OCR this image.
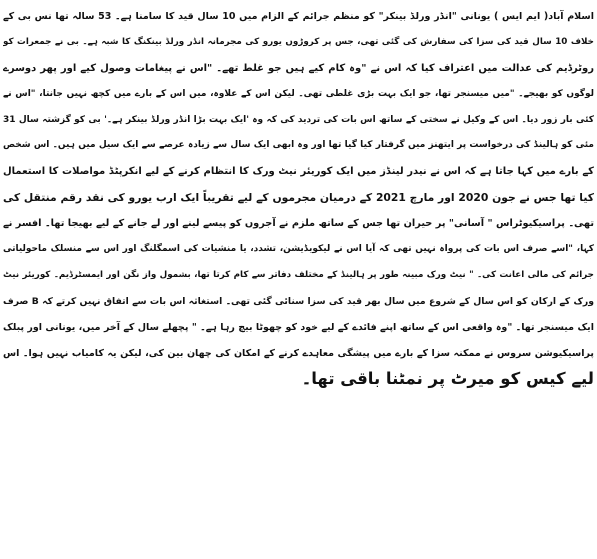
اسلام آباد( ایم ایس ) یونانی "انڈر ورلڈ بینکر" کو منظم جرائم کے الزام میں 10 سال قید کا سامنا ہے۔ 53 سالہ تھا نس بی کے
خلاف 10 سال قید کی سزا کی سفارش کی گئی تھی، جس پر کروڑوں یورو کی مجرمانہ انڈر ورلڈ بینکنگ کا شبہ ہے۔ بی نے جمعرات کو
روٹرڈیم کی عدالت میں اعتراف کیا کہ اس نے "وہ کام کیے ہیں جو غلط تھے۔ "اس نے پیغامات وصول کیے اور پھر دوسرے
لوگوں کو بھیجے۔ "میں میسنجر تھا، جو ایک بہت بڑی غلطی تھی۔ لیکن اس کے علاوہ، میں اس کے بارے میں کچھ نہیں جانتا، "اس نے
کئی بار زور دیا۔ اس کے وکیل نے سختی کے ساتھ اس بات کی تردید کی کہ وہ 'ایک بہت بڑا انڈر ورلڈ بینکر ہے۔' بی کو گزشتہ سال 31
مئی کو ہالینڈ کی درخواست پر ایتھنز میں گرفتار کیا گیا تھا اور وہ ابھی ایک سال سے زیادہ عرصے سے ایک سیل میں ہیں۔ اس شخص
کے بارے میں کہا جاتا ہے کہ اس نے نیدر لینڈز میں ایک کوریئر نیٹ ورک کا انتظام کرنے کے لیے انکرپٹڈ مواصلات کا استعمال
کیا تھا جس نے جون 2020 اور مارچ 2021 کے درمیان مجرموں کے لیے تقریباً ایک ارب یورو کی نقد رقم منتقل کی
تھی۔ پراسیکیوٹراس " آسانی" پر حیران تھا جس کے ساتھ ملزم نے آجروں کو پیسے لینے اور لے جانے کے لیے بھیجا تھا۔ افسر نے
کہا، "اسے صرف اس بات کی پرواہ نہیں تھی کہ آیا اس نے لیکویڈیشن، تشدد، یا منشیات کی اسمگلنگ اور اس سے منسلک ماحولیاتی
جرائم کی مالی اعانت کی۔ " نیٹ ورک مبینہ طور پر ہالینڈ کے مختلف دفاتر سے کام کرتا تھا، بشمول واز نگن اور ایمسٹرڈیم۔ کوریئر نیٹ
ورک کے ارکان کو اس سال کے شروع میں سال بھر قید کی سزا سنائی گئی تھی۔ استغاثہ اس بات سے اتفاق نہیں کرتے کہ B صرف
ایک میسنجر تھا۔ "وہ واقعی اس کے ساتھ اپنے فائدے کے لیے خود کو چھوٹا بیچ رہا ہے۔ " پچھلے سال کے آخر میں، یونانی اور پبلک
پراسیکیوشن سروس نے ممکنہ سزا کے بارے میں پیشگی معاہدے کرنے کے امکان کی چھان بین کی، لیکن یہ کامیاب نہیں ہوا۔ اس
لیے کیس کو میرٹ پر نمٹنا باقی تھا۔
